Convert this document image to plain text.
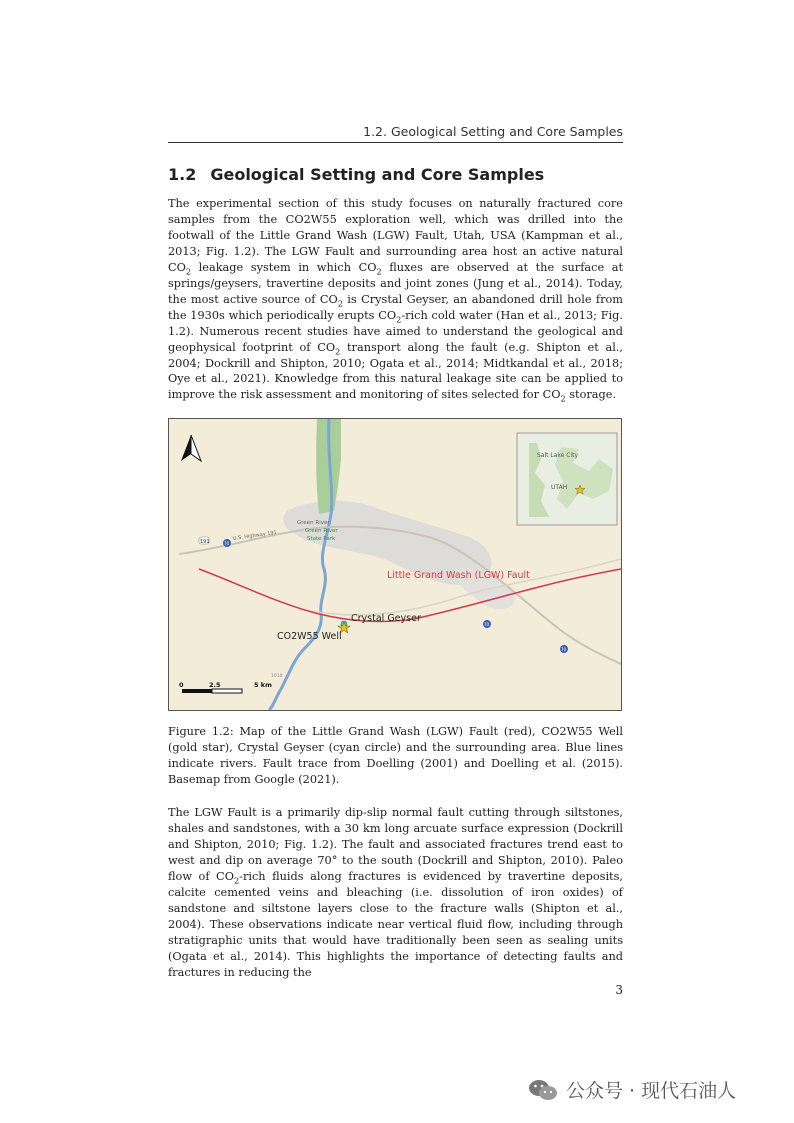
1.2. Geological Setting and Core Samples
1.2 Geological Setting and Core Samples
The experimental section of this study focuses on naturally fractured core samples from the CO2W55 exploration well, which was drilled into the footwall of the Little Grand Wash (LGW) Fault, Utah, USA (Kampman et al., 2013; Fig. 1.2). The LGW Fault and surrounding area host an active natural $CO_2$ leakage system in which $CO_2$ fluxes are observed at the surface at springs/geysers, travertine deposits and joint zones (Jung et al., 2014). Today, the most active source of $CO_2$ is Crystal Geyser, an abandoned drill hole from the 1930s which periodically erupts $CO_2$-rich cold water (Han et al., 2013; Fig. 1.2). Numerous recent studies have aimed to understand the geological and geophysical footprint of $CO_2$ transport along the fault (e.g. Shipton et al., 2004; Dockrill and Shipton, 2010; Ogata et al., 2014; Midtkandal et al., 2018; Oye et al., 2021). Knowledge from this natural leakage site can be applied to improve the risk assessment and monitoring of sites selected for $CO_2$ storage.
Salt Lake City
UTAH
Green River
Green River
State Park
U.S. Highway 191
191	70
70
70
1010
Little Grand Wash (LGW) Fault
Crystal Geyser
CO2W55 Well
0	2.5	5 km
Figure 1.2: Map of the Little Grand Wash (LGW) Fault (red), CO2W55 Well (gold star), Crystal Geyser (cyan circle) and the surrounding area. Blue lines indicate rivers. Fault trace from Doelling (2001) and Doelling et al. (2015). Basemap from Google (2021).
The LGW Fault is a primarily dip-slip normal fault cutting through siltstones, shales and sandstones, with a 30 km long arcuate surface expression (Dockrill and Shipton, 2010; Fig. 1.2). The fault and associated fractures trend east to west and dip on average 70° to the south (Dockrill and Shipton, 2010). Paleo flow of $CO_2$-rich fluids along fractures is evidenced by travertine deposits, calcite cemented veins and bleaching (i.e. dissolution of iron oxides) of sandstone and siltstone layers close to the fracture walls (Shipton et al., 2004). These observations indicate near vertical fluid flow, including through stratigraphic units that would have traditionally been seen as sealing units (Ogata et al., 2014). This highlights the importance of detecting faults and fractures in reducing the
3
公众号 · 现代石油人
